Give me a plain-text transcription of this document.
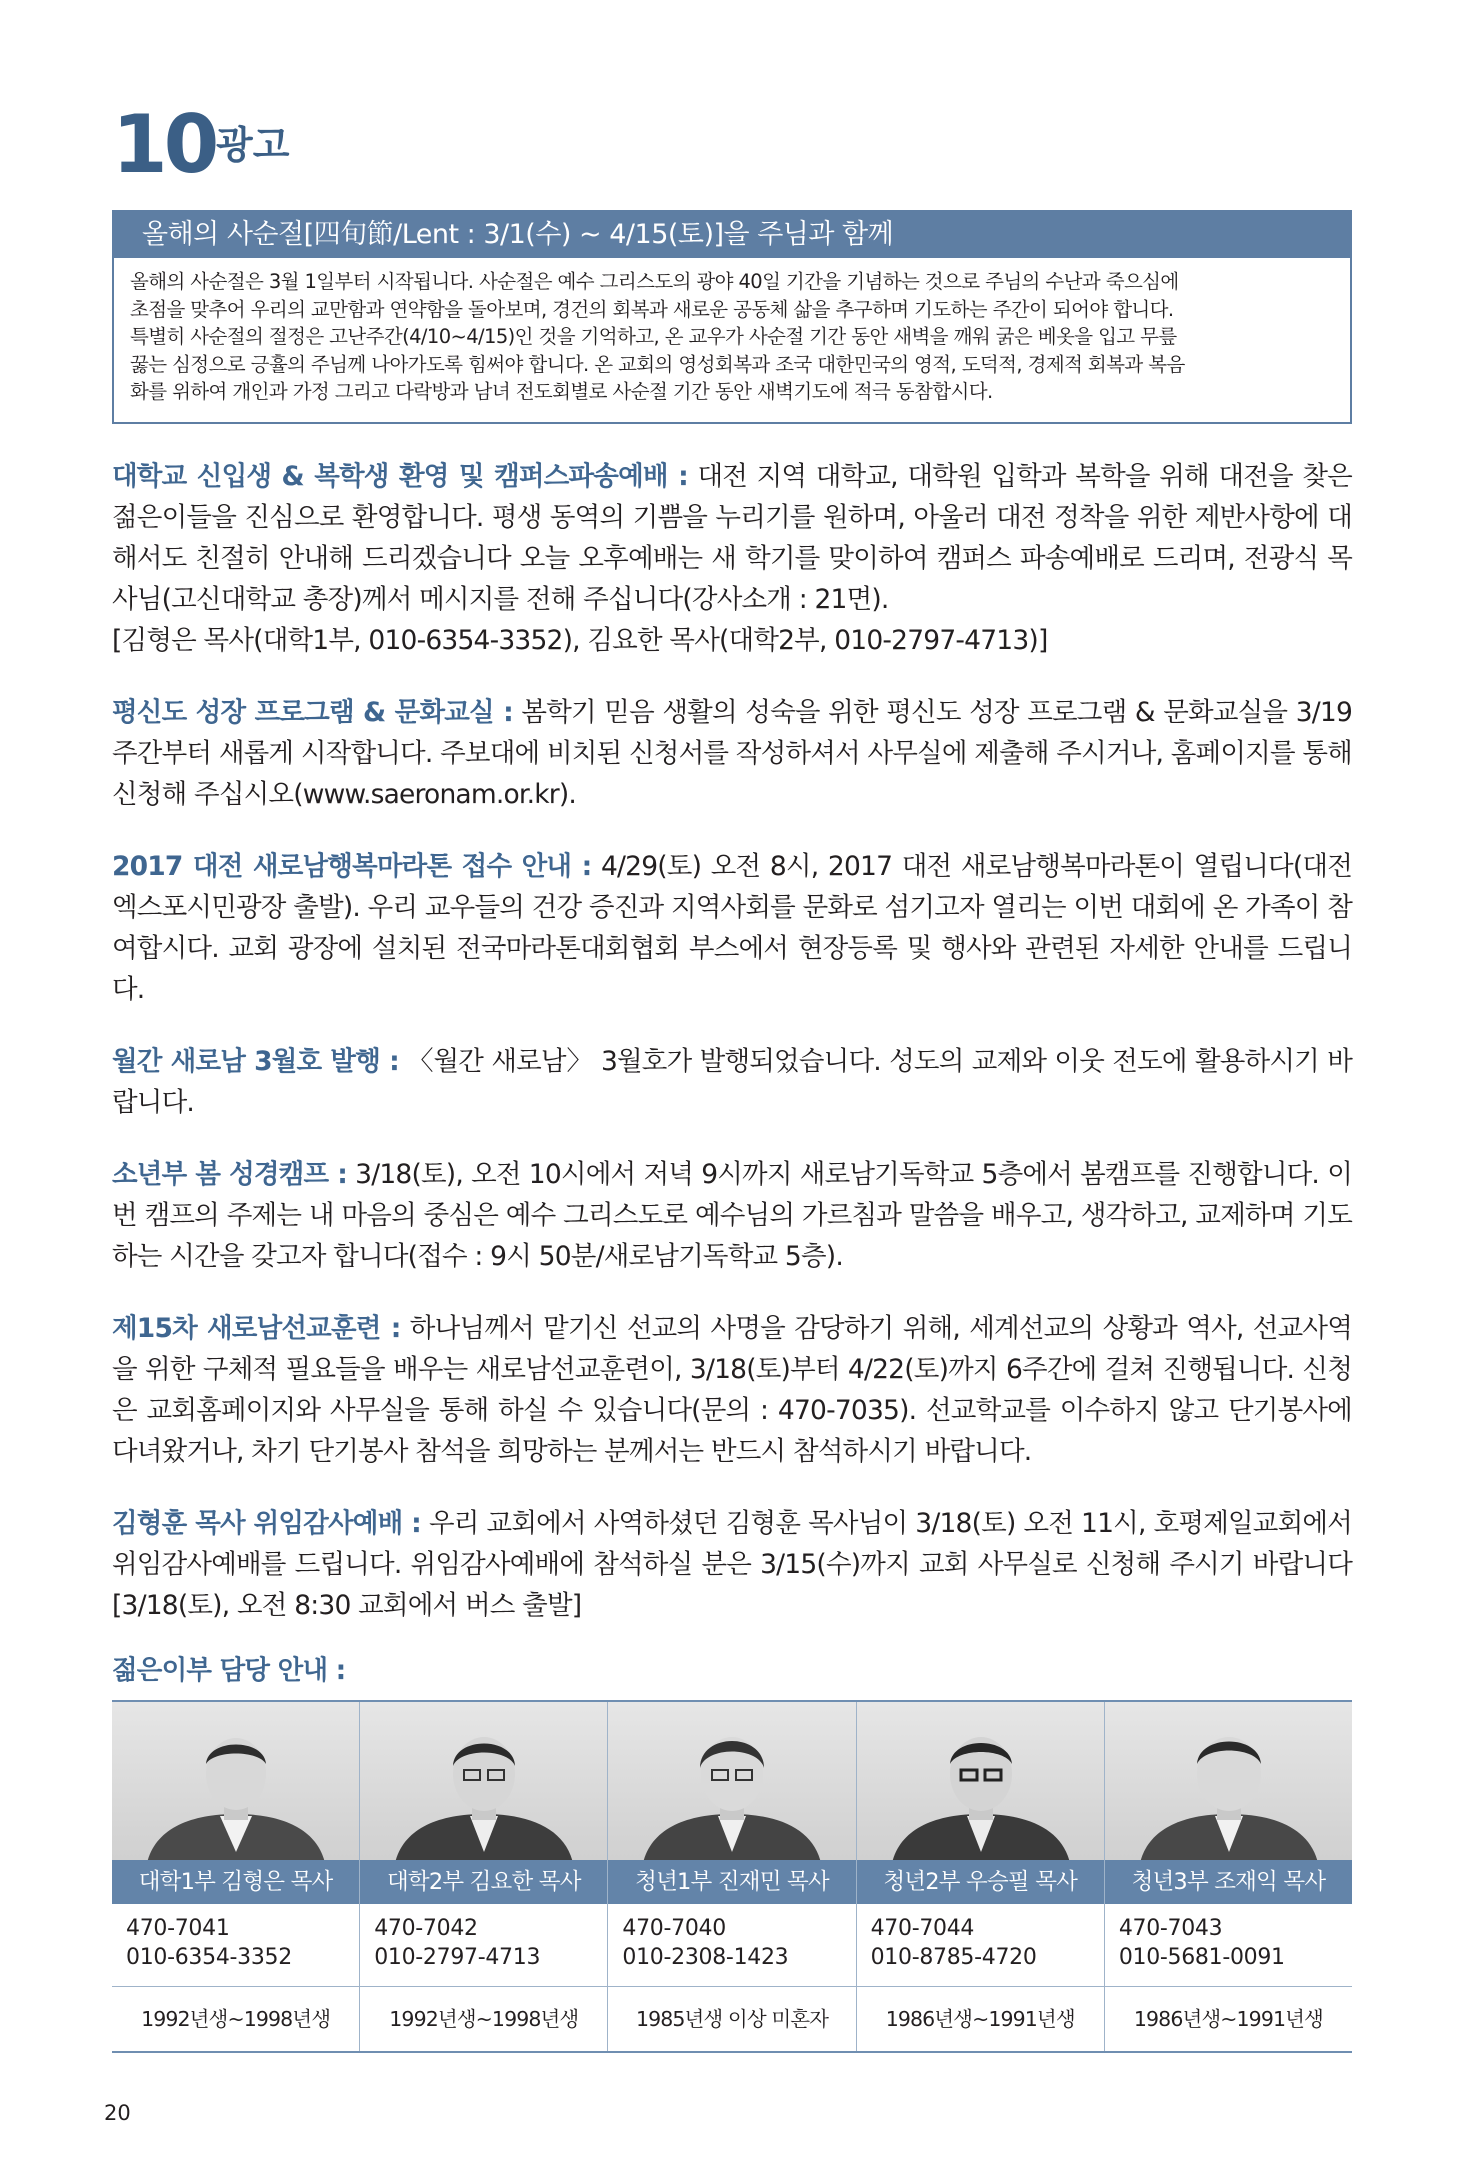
10 광고
올해의 사순절[四旬節/Lent : 3/1(수) ~ 4/15(토)]을 주님과 함께
올해의 사순절은 3월 1일부터 시작됩니다. 사순절은 예수 그리스도의 광야 40일 기간을 기념하는 것으로 주님의 수난과 죽으심에
초점을 맞추어 우리의 교만함과 연약함을 돌아보며, 경건의 회복과 새로운 공동체 삶을 추구하며 기도하는 주간이 되어야 합니다.
특별히 사순절의 절정은 고난주간(4/10~4/15)인 것을 기억하고, 온 교우가 사순절 기간 동안 새벽을 깨워 굵은 베옷을 입고 무릎
꿇는 심정으로 긍휼의 주님께 나아가도록 힘써야 합니다. 온 교회의 영성회복과 조국 대한민국의 영적, 도덕적, 경제적 회복과 복음
화를 위하여 개인과 가정 그리고 다락방과 남녀 전도회별로 사순절 기간 동안 새벽기도에 적극 동참합시다.
대학교 신입생 & 복학생 환영 및 캠퍼스파송예배 : 대전 지역 대학교, 대학원 입학과 복학을 위해 대전을 찾은 젊은이들을 진심으로 환영합니다. 평생 동역의 기쁨을 누리기를 원하며, 아울러 대전 정착을 위한 제반사항에 대해서도 친절히 안내해 드리겠습니다 오늘 오후예배는 새 학기를 맞이하여 캠퍼스 파송예배로 드리며, 전광식 목사님(고신대학교 총장)께서 메시지를 전해 주십니다(강사소개 : 21면).
[김형은 목사(대학1부, 010-6354-3352), 김요한 목사(대학2부, 010-2797-4713)]
평신도 성장 프로그램 & 문화교실 : 봄학기 믿음 생활의 성숙을 위한 평신도 성장 프로그램 & 문화교실을 3/19 주간부터 새롭게 시작합니다. 주보대에 비치된 신청서를 작성하셔서 사무실에 제출해 주시거나, 홈페이지를 통해 신청해 주십시오(www.saeronam.or.kr).
2017 대전 새로남행복마라톤 접수 안내 : 4/29(토) 오전 8시, 2017 대전 새로남행복마라톤이 열립니다(대전엑스포시민광장 출발). 우리 교우들의 건강 증진과 지역사회를 문화로 섬기고자 열리는 이번 대회에 온 가족이 참여합시다. 교회 광장에 설치된 전국마라톤대회협회 부스에서 현장등록 및 행사와 관련된 자세한 안내를 드립니다.
월간 새로남 3월호 발행 : 〈월간 새로남〉 3월호가 발행되었습니다. 성도의 교제와 이웃 전도에 활용하시기 바랍니다.
소년부 봄 성경캠프 : 3/18(토), 오전 10시에서 저녁 9시까지 새로남기독학교 5층에서 봄캠프를 진행합니다. 이번 캠프의 주제는 내 마음의 중심은 예수 그리스도로 예수님의 가르침과 말씀을 배우고, 생각하고, 교제하며 기도하는 시간을 갖고자 합니다(접수 : 9시 50분/새로남기독학교 5층).
제15차 새로남선교훈련 : 하나님께서 맡기신 선교의 사명을 감당하기 위해, 세계선교의 상황과 역사, 선교사역을 위한 구체적 필요들을 배우는 새로남선교훈련이, 3/18(토)부터 4/22(토)까지 6주간에 걸쳐 진행됩니다. 신청은 교회홈페이지와 사무실을 통해 하실 수 있습니다(문의 : 470-7035). 선교학교를 이수하지 않고 단기봉사에 다녀왔거나, 차기 단기봉사 참석을 희망하는 분께서는 반드시 참석하시기 바랍니다.
김형훈 목사 위임감사예배 : 우리 교회에서 사역하셨던 김형훈 목사님이 3/18(토) 오전 11시, 호평제일교회에서 위임감사예배를 드립니다. 위임감사예배에 참석하실 분은 3/15(수)까지 교회 사무실로 신청해 주시기 바랍니다[3/18(토), 오전 8:30 교회에서 버스 출발]
젊은이부 담당 안내 :
대학1부 김형은 목사
470-7041
010-6354-3352
1992년생~1998년생
대학2부 김요한 목사
470-7042
010-2797-4713
1992년생~1998년생
청년1부 진재민 목사
470-7040
010-2308-1423
1985년생 이상 미혼자
청년2부 우승필 목사
470-7044
010-8785-4720
1986년생~1991년생
청년3부 조재익 목사
470-7043
010-5681-0091
1986년생~1991년생
20
